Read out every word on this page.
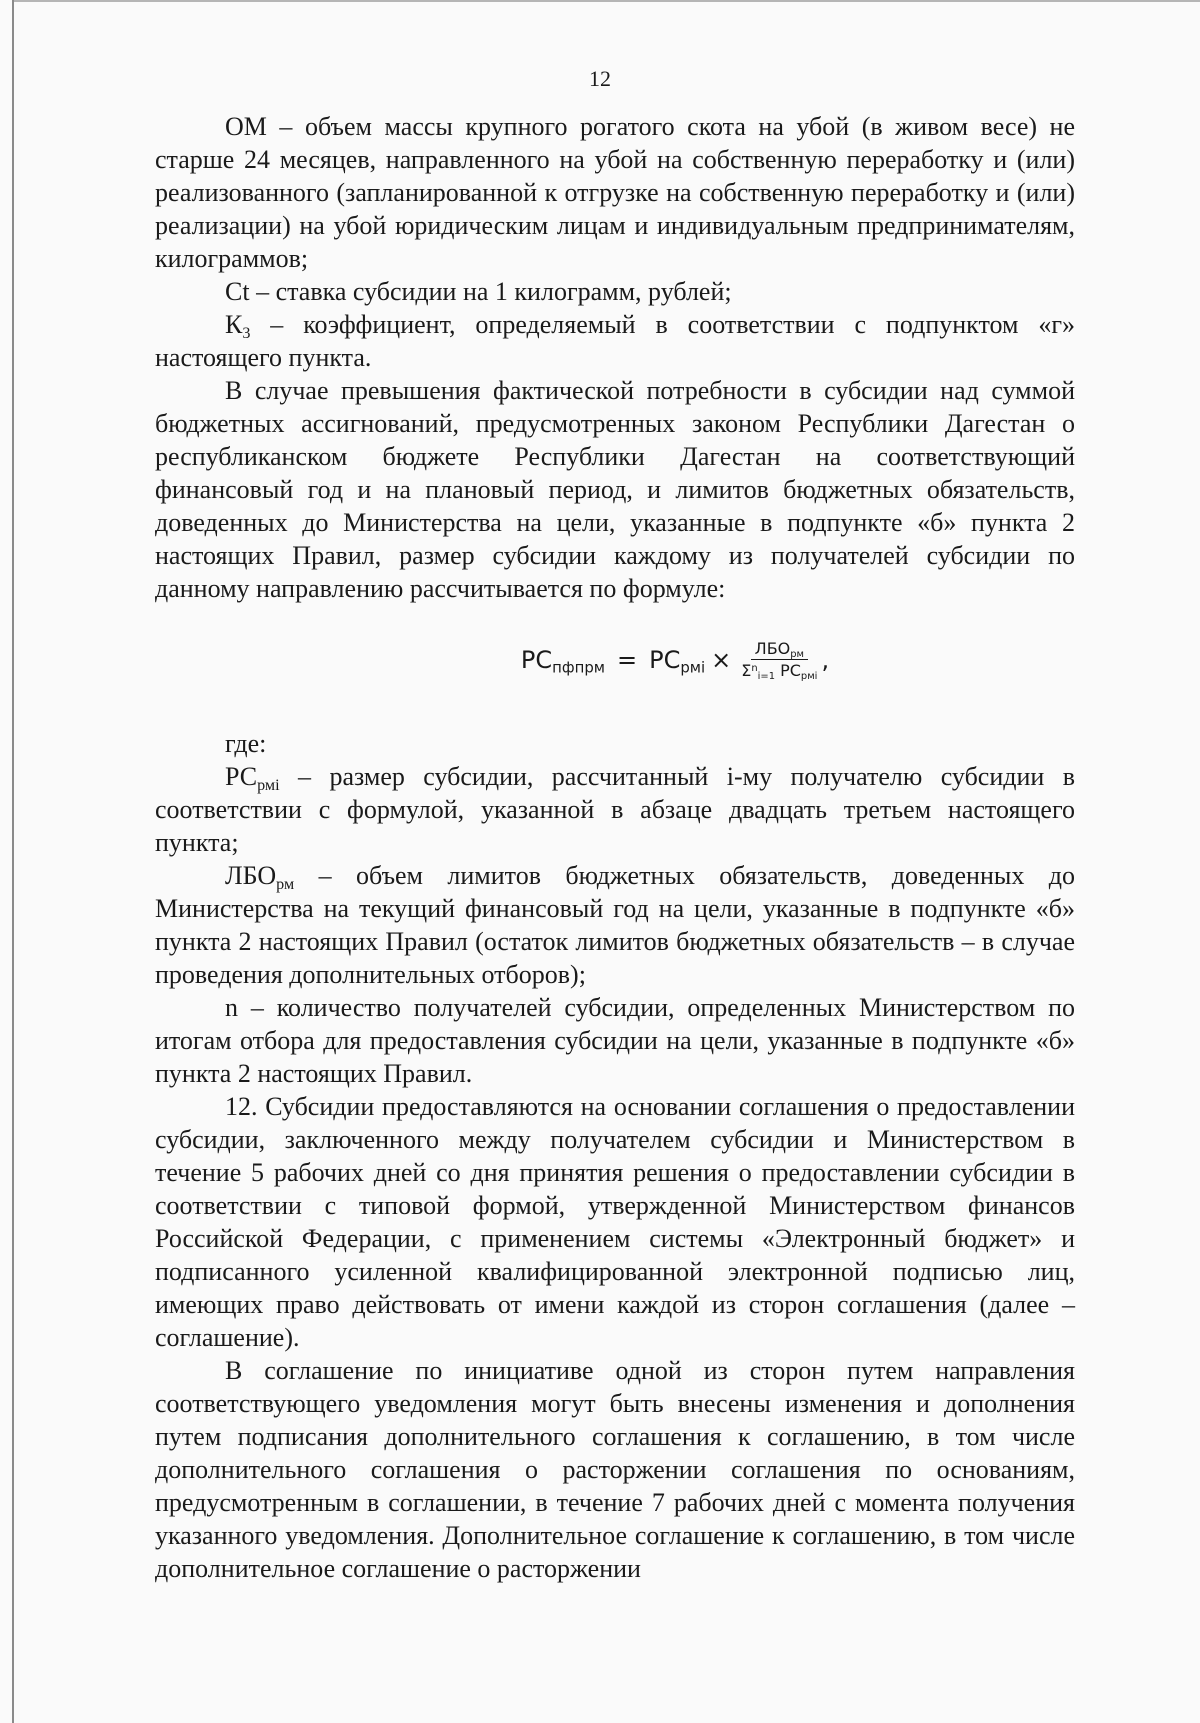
12

ОМ – объем массы крупного рогатого скота на убой (в живом весе) не старше 24 месяцев, направленного на убой на собственную переработку и (или) реализованного (запланированной к отгрузке на собственную переработку и (или) реализации) на убой юридическим лицам и индивидуальным предпринимателям, килограммов;

Ct – ставка субсидии на 1 килограмм, рублей;

$К_3$ – коэффициент, определяемый в соответствии с подпунктом «г» настоящего пункта.

В случае превышения фактической потребности в субсидии над суммой бюджетных ассигнований, предусмотренных законом Республики Дагестан о республиканском бюджете Республики Дагестан на соответствующий финансовый год и на плановый период, и лимитов бюджетных обязательств, доведенных до Министерства на цели, указанные в подпункте «б» пункта 2 настоящих Правил, размер субсидии каждому из получателей субсидии по данному направлению рассчитывается по формуле:

$РС_{пфпрм} = РС_{рмі} \times \frac{ЛБО_{рм}}{\Sigma^n_{i=1} РС_{рмі}}$ ,

где:

$РС_{рмі}$ – размер субсидии, рассчитанный і-му получателю субсидии в соответствии с формулой, указанной в абзаце двадцать третьем настоящего пункта;

$ЛБО_{рм}$ – объем лимитов бюджетных обязательств, доведенных до Министерства на текущий финансовый год на цели, указанные в подпункте «б» пункта 2 настоящих Правил (остаток лимитов бюджетных обязательств – в случае проведения дополнительных отборов);

n – количество получателей субсидии, определенных Министерством по итогам отбора для предоставления субсидии на цели, указанные в подпункте «б» пункта 2 настоящих Правил.

12. Субсидии предоставляются на основании соглашения о предоставлении субсидии, заключенного между получателем субсидии и Министерством в течение 5 рабочих дней со дня принятия решения о предоставлении субсидии в соответствии с типовой формой, утвержденной Министерством финансов Российской Федерации, с применением системы «Электронный бюджет» и подписанного усиленной квалифицированной электронной подписью лиц, имеющих право действовать от имени каждой из сторон соглашения (далее – соглашение).

В соглашение по инициативе одной из сторон путем направления соответствующего уведомления могут быть внесены изменения и дополнения путем подписания дополнительного соглашения к соглашению, в том числе дополнительного соглашения о расторжении соглашения по основаниям, предусмотренным в соглашении, в течение 7 рабочих дней с момента получения указанного уведомления. Дополнительное соглашение к соглашению, в том числе дополнительное соглашение о расторжении
